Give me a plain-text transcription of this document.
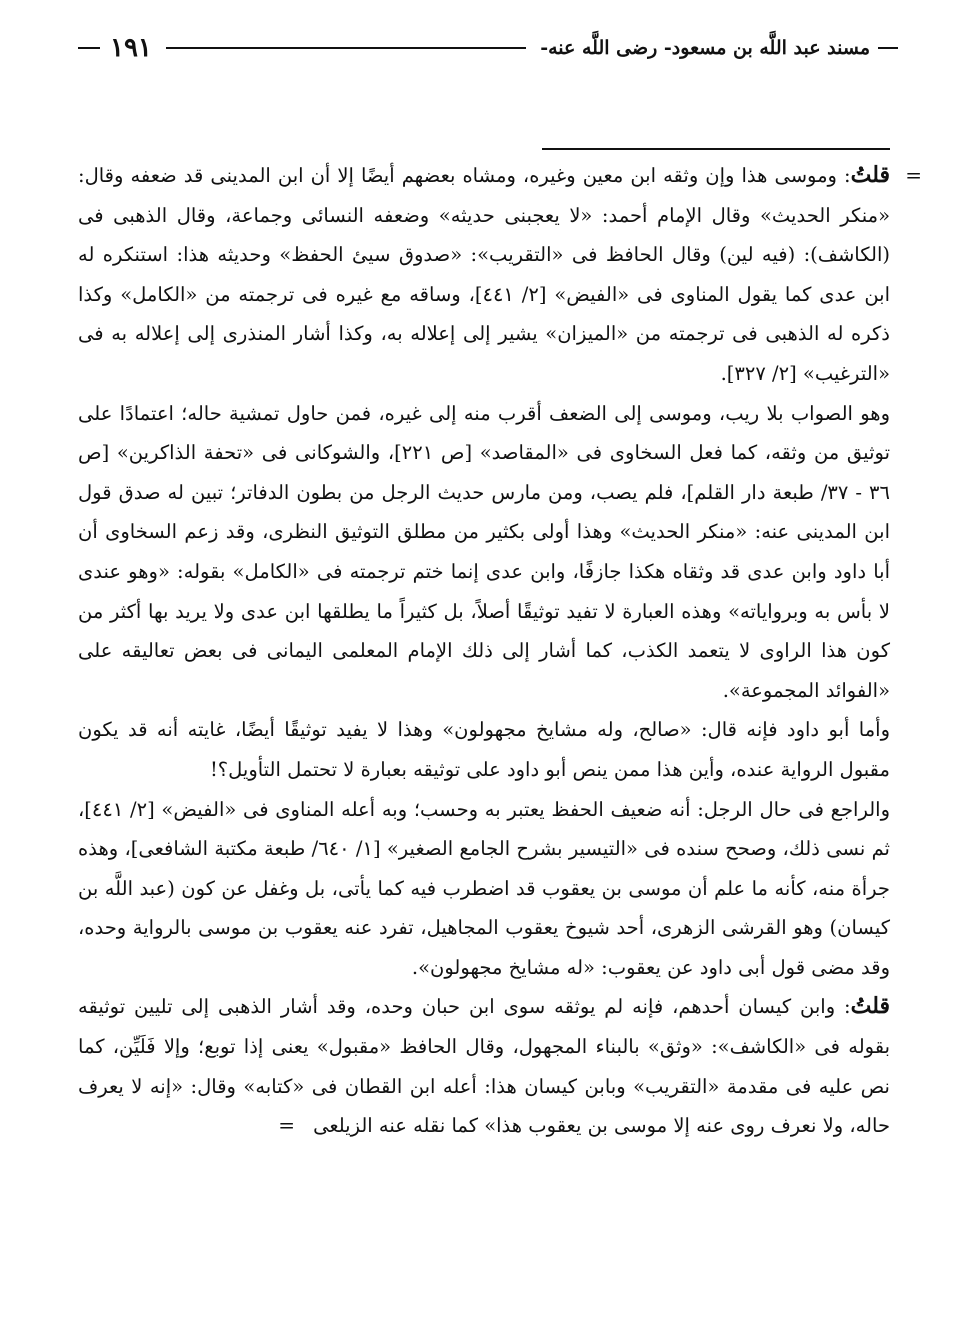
مسند عبد اللَّه بن مسعود- رضى اللَّه عنه-
١٩١
=

قلتُ: وموسى هذا وإن وثقه ابن معين وغيره، ومشاه بعضهم أيضًا إلا أن ابن المدينى قد ضعفه وقال: «منكر الحديث» وقال الإمام أحمد: «لا يعجبنى حديثه» وضعفه النسائى وجماعة، وقال الذهبى فى (الكاشف): (فيه لين) وقال الحافظ فى «التقريب»: «صدوق سيئ الحفظ» وحديثه هذا: استنكره له ابن عدى كما يقول المناوى فى «الفيض» [٢/ ٤٤١]، وساقه مع غيره فى ترجمته من «الكامل» وكذا ذكره له الذهبى فى ترجمته من «الميزان» يشير إلى إعلاله به، وكذا أشار المنذرى إلى إعلاله به فى «الترغيب» [٢/ ٣٢٧].

وهو الصواب بلا ريب، وموسى إلى الضعف أقرب منه إلى غيره، فمن حاول تمشية حاله؛ اعتمادًا على توثيق من وثقه، كما فعل السخاوى فى «المقاصد» [ص ٢٢١]، والشوكانى فى «تحفة الذاكرين» [ص ٣٦ - ٣٧/ طبعة دار القلم]، فلم يصب، ومن مارس حديث الرجل من بطون الدفاتر؛ تبين له صدق قول ابن المدينى عنه: «منكر الحديث» وهذا أولى بكثير من مطلق التوثيق النظرى، وقد زعم السخاوى أن أبا داود وابن عدى قد وثقاه هكذا جازفًا، وابن عدى إنما ختم ترجمته فى «الكامل» بقوله: «وهو عندى لا بأس به وبرواياته» وهذه العبارة لا تفيد توثيقًا أصلاً، بل كثيراً ما يطلقها ابن عدى ولا يريد بها أكثر من كون هذا الراوى لا يتعمد الكذب، كما أشار إلى ذلك الإمام المعلمى اليمانى فى بعض تعاليقه على «الفوائد المجموعة».

وأما أبو داود فإنه قال: «صالح، وله مشايخ مجهولون» وهذا لا يفيد توثيقًا أيضًا، غايته أنه قد يكون مقبول الرواية عنده، وأين هذا ممن ينص أبو داود على توثيقه بعبارة لا تحتمل التأويل؟!

والراجع فى حال الرجل: أنه ضعيف الحفظ يعتبر به وحسب؛ وبه أعله المناوى فى «الفيض» [٢/ ٤٤١]، ثم نسى ذلك، وصحح سنده فى «التيسير بشرح الجامع الصغير» [١/ ٦٤٠/ طبعة مكتبة الشافعى]، وهذه جرأة منه، كأنه ما علم أن موسى بن يعقوب قد اضطرب فيه كما يأتى، بل وغفل عن كون (عبد اللَّه بن كيسان) وهو القرشى الزهرى، أحد شيوخ يعقوب المجاهيل، تفرد عنه يعقوب بن موسى بالرواية وحده، وقد مضى قول أبى داود عن يعقوب: «له مشايخ مجهولون».

قلتُ: وابن كيسان أحدهم، فإنه لم يوثقه سوى ابن حبان وحده، وقد أشار الذهبى إلى تليين توثيقه بقوله فى «الكاشف»: «وثق» بالبناء المجهول، وقال الحافظ «مقبول» يعنى إذا توبع؛ وإلا فَلَيِّن، كما نص عليه فى مقدمة «التقريب» وبابن كيسان هذا: أعله ابن القطان فى «كتابه» وقال: «إنه لا يعرف حاله، ولا نعرف روى عنه إلا موسى بن يعقوب هذا» كما نقله عنه الزيلعى=
